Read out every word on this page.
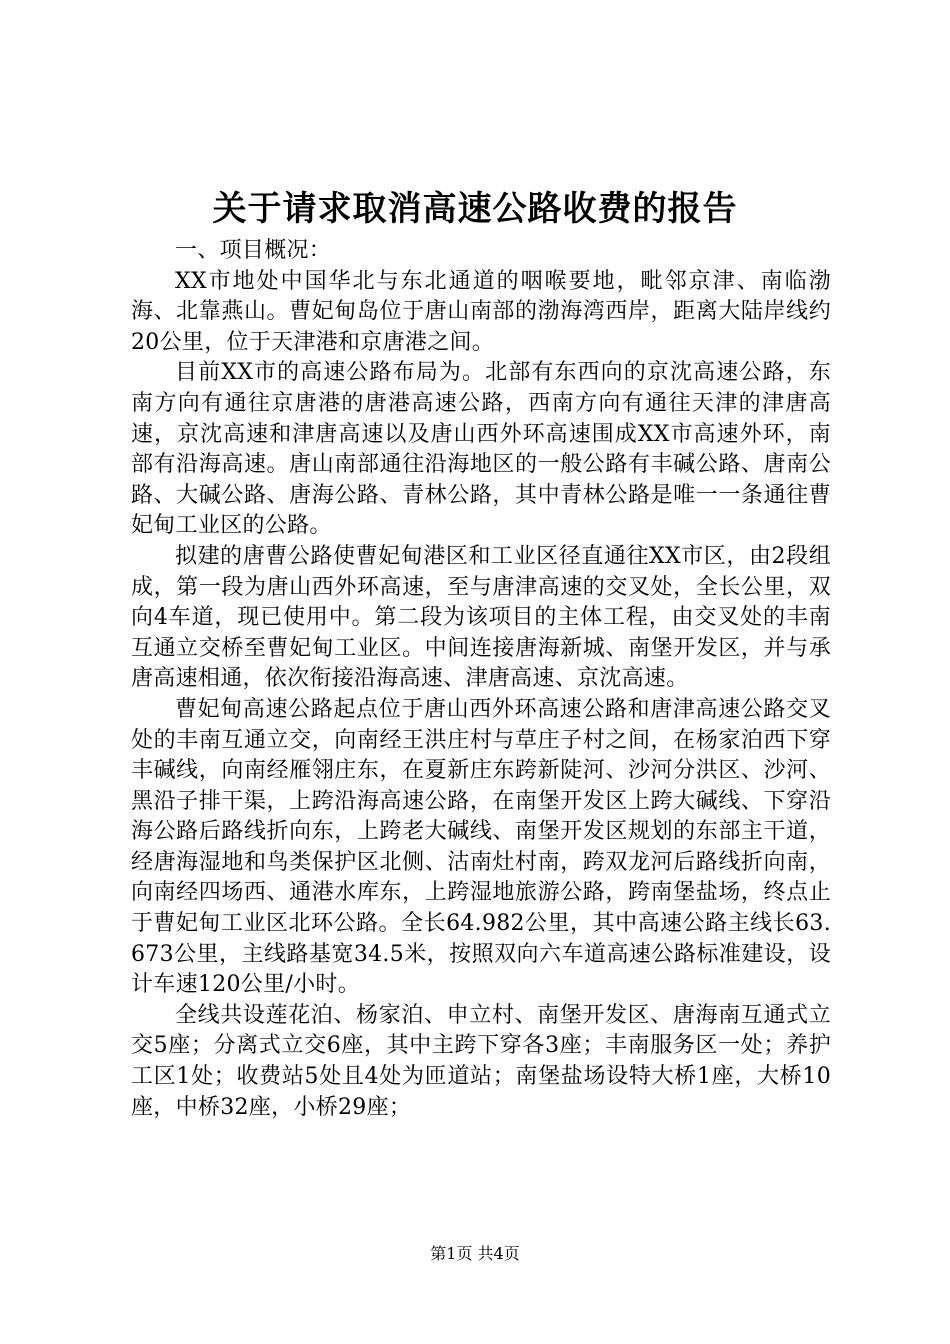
关于请求取消高速公路收费的报告

一、项目概况：

XX市地处中国华北与东北通道的咽喉要地，毗邻京津、南临渤海、北靠燕山。曹妃甸岛位于唐山南部的渤海湾西岸，距离大陆岸线约20公里，位于天津港和京唐港之间。

目前XX市的高速公路布局为。北部有东西向的京沈高速公路，东南方向有通往京唐港的唐港高速公路，西南方向有通往天津的津唐高速，京沈高速和津唐高速以及唐山西外环高速围成XX市高速外环，南部有沿海高速。唐山南部通往沿海地区的一般公路有丰碱公路、唐南公路、大碱公路、唐海公路、青林公路，其中青林公路是唯一一条通往曹妃甸工业区的公路。

拟建的唐曹公路使曹妃甸港区和工业区径直通往XX市区，由2段组成，第一段为唐山西外环高速，至与唐津高速的交叉处，全长公里，双向4车道，现已使用中。第二段为该项目的主体工程，由交叉处的丰南互通立交桥至曹妃甸工业区。中间连接唐海新城、南堡开发区，并与承唐高速相通，依次衔接沿海高速、津唐高速、京沈高速。

曹妃甸高速公路起点位于唐山西外环高速公路和唐津高速公路交叉处的丰南互通立交，向南经王洪庄村与草庄子村之间，在杨家泊西下穿丰碱线，向南经雁翎庄东，在夏新庄东跨新陡河、沙河分洪区、沙河、黑沿子排干渠，上跨沿海高速公路，在南堡开发区上跨大碱线、下穿沿海公路后路线折向东，上跨老大碱线、南堡开发区规划的东部主干道，经唐海湿地和鸟类保护区北侧、沽南灶村南，跨双龙河后路线折向南，向南经四场西、通港水库东，上跨湿地旅游公路，跨南堡盐场，终点止于曹妃甸工业区北环公路。全长64.982公里，其中高速公路主线长63.673公里，主线路基宽34.5米，按照双向六车道高速公路标准建设，设计车速120公里/小时。

全线共设莲花泊、杨家泊、申立村、南堡开发区、唐海南互通式立交5座；分离式立交6座，其中主跨下穿各3座；丰南服务区一处；养护工区1处；收费站5处且4处为匝道站；南堡盐场设特大桥1座，大桥10座，中桥32座，小桥29座；

第1页 共4页
